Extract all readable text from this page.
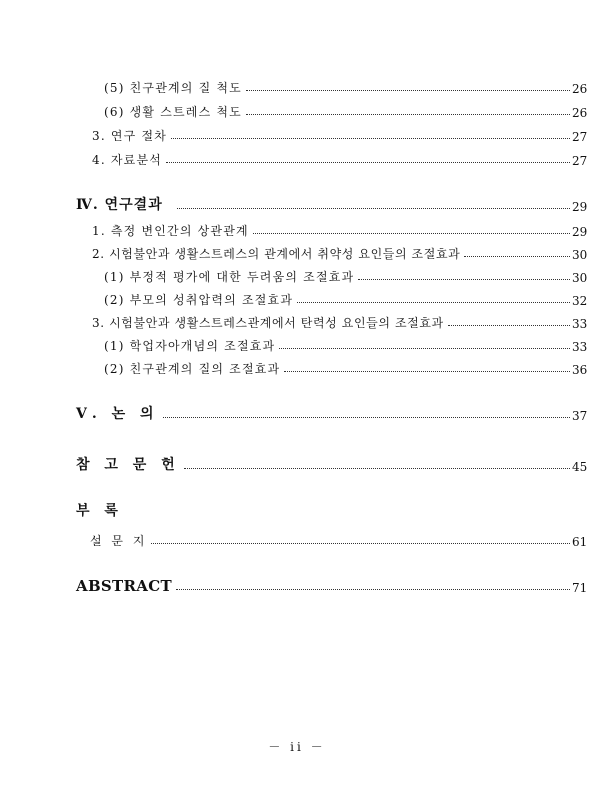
(5) 친구관계의 질 척도	26
(6) 생활 스트레스 척도	26
3. 연구 절차	27
4. 자료분석	27
Ⅳ. 연구결과	29
1. 측정 변인간의 상관관계	29
2. 시험불안과 생활스트레스의 관계에서 취약성 요인들의 조절효과	30
(1) 부정적 평가에 대한 두려움의 조절효과	30
(2) 부모의 성취압력의 조절효과	32
3. 시험불안과 생활스트레스관계에서 탄력성 요인들의 조절효과	33
(1) 학업자아개념의 조절효과	33
(2) 친구관계의 질의 조절효과	36
Ⅴ. 논 의	37
참 고 문 헌	45
부 록
설 문 지	61
ABSTRACT	71
－ ii －
